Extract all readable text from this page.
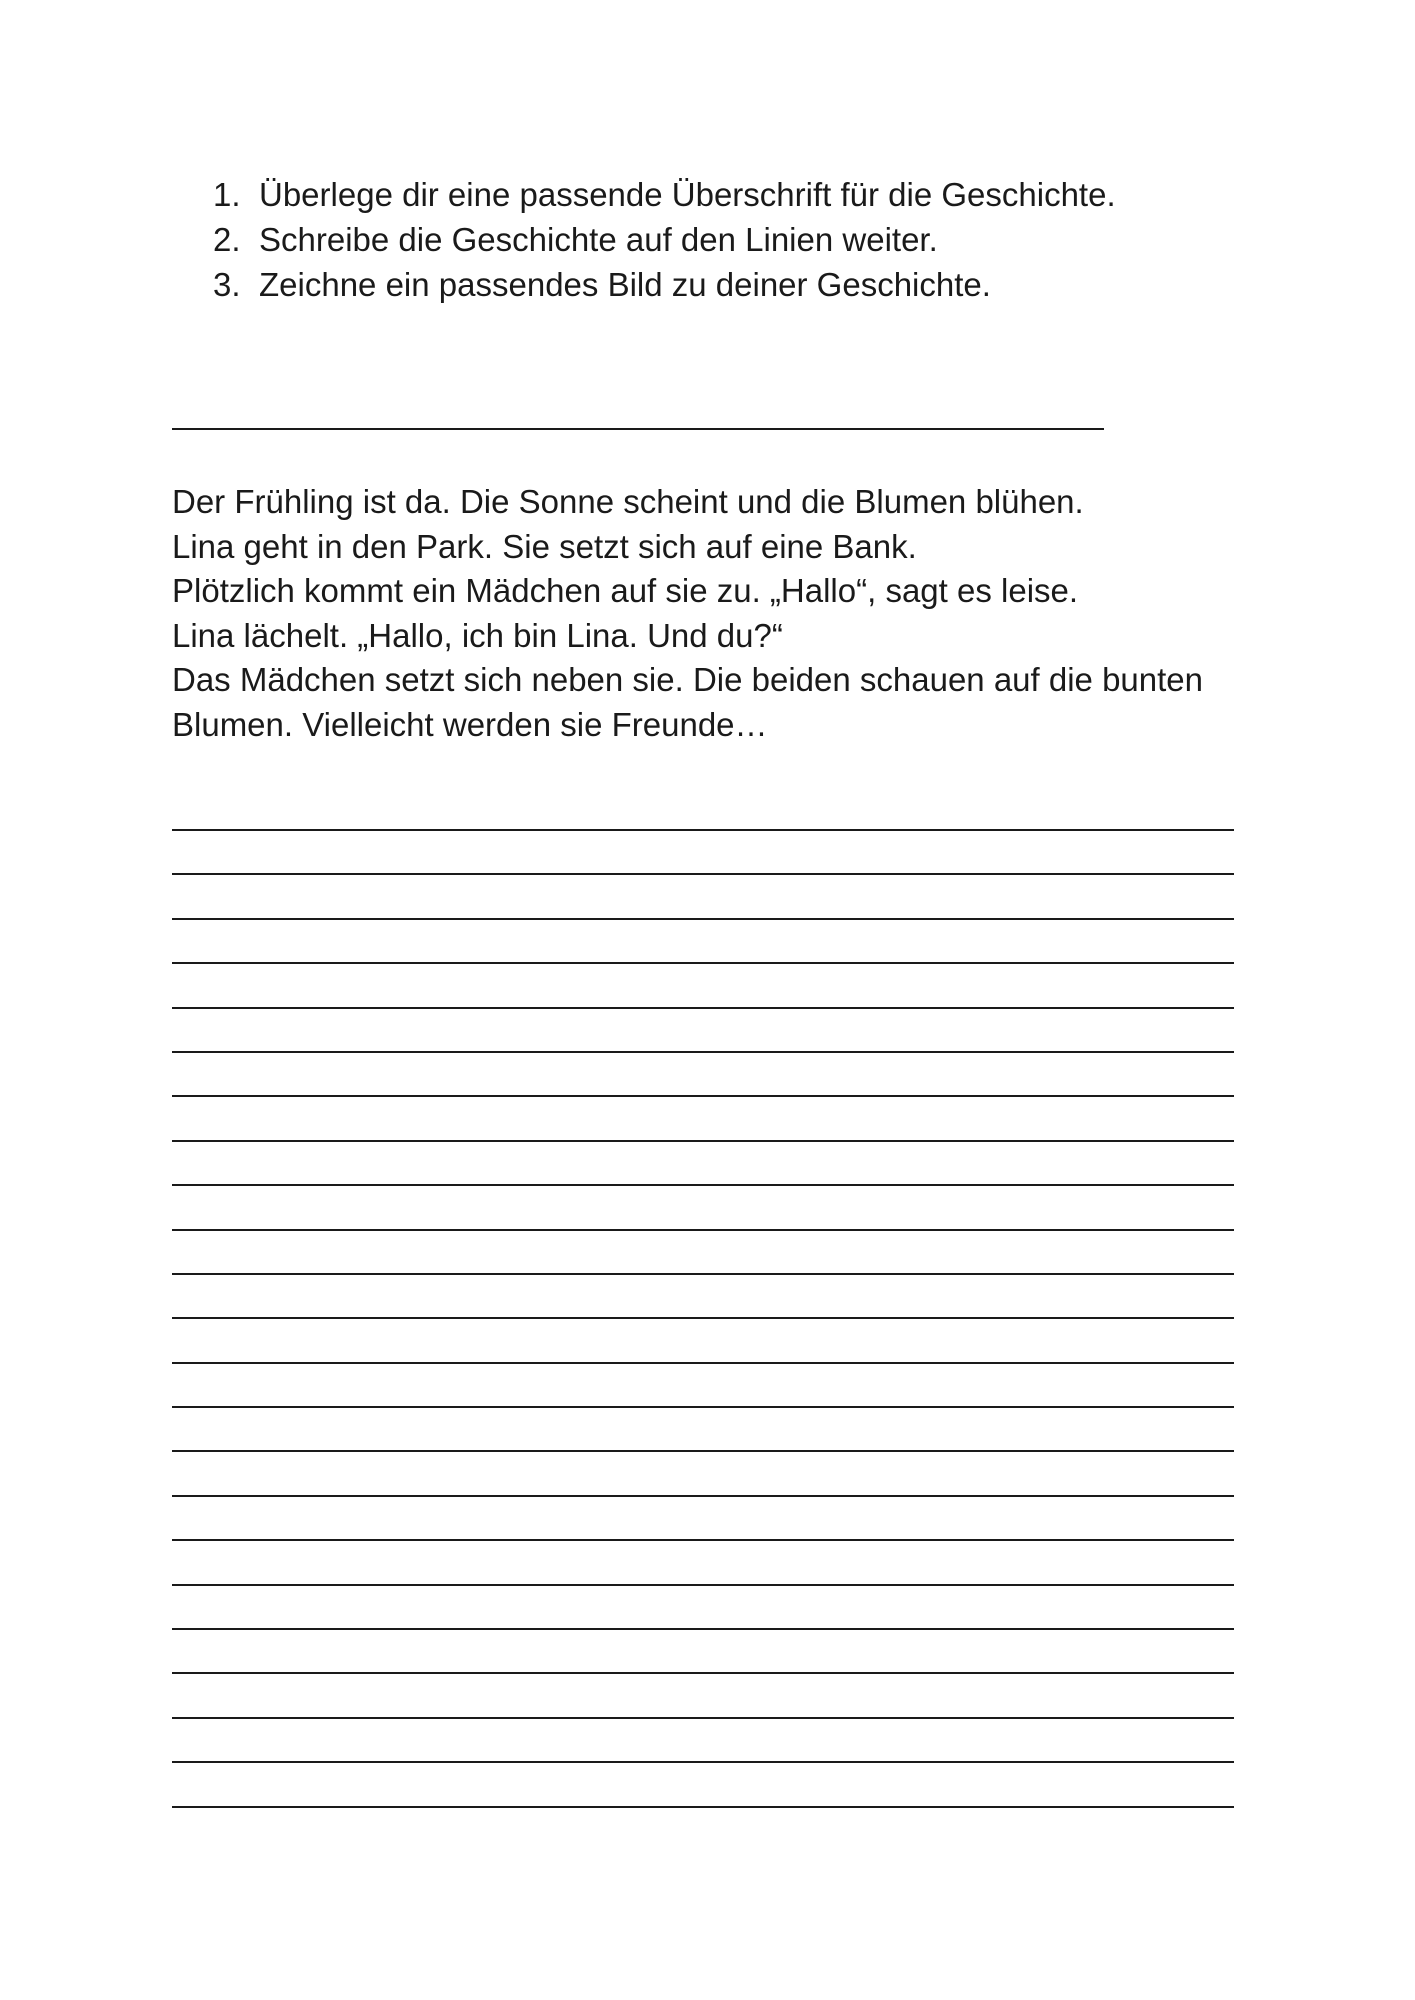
1. Überlege dir eine passende Überschrift für die Geschichte.
2. Schreibe die Geschichte auf den Linien weiter.
3. Zeichne ein passendes Bild zu deiner Geschichte.
Der Frühling ist da. Die Sonne scheint und die Blumen blühen.
Lina geht in den Park. Sie setzt sich auf eine Bank.
Plötzlich kommt ein Mädchen auf sie zu. „Hallo“, sagt es leise.
Lina lächelt. „Hallo, ich bin Lina. Und du?“
Das Mädchen setzt sich neben sie. Die beiden schauen auf die bunten
Blumen. Vielleicht werden sie Freunde…
